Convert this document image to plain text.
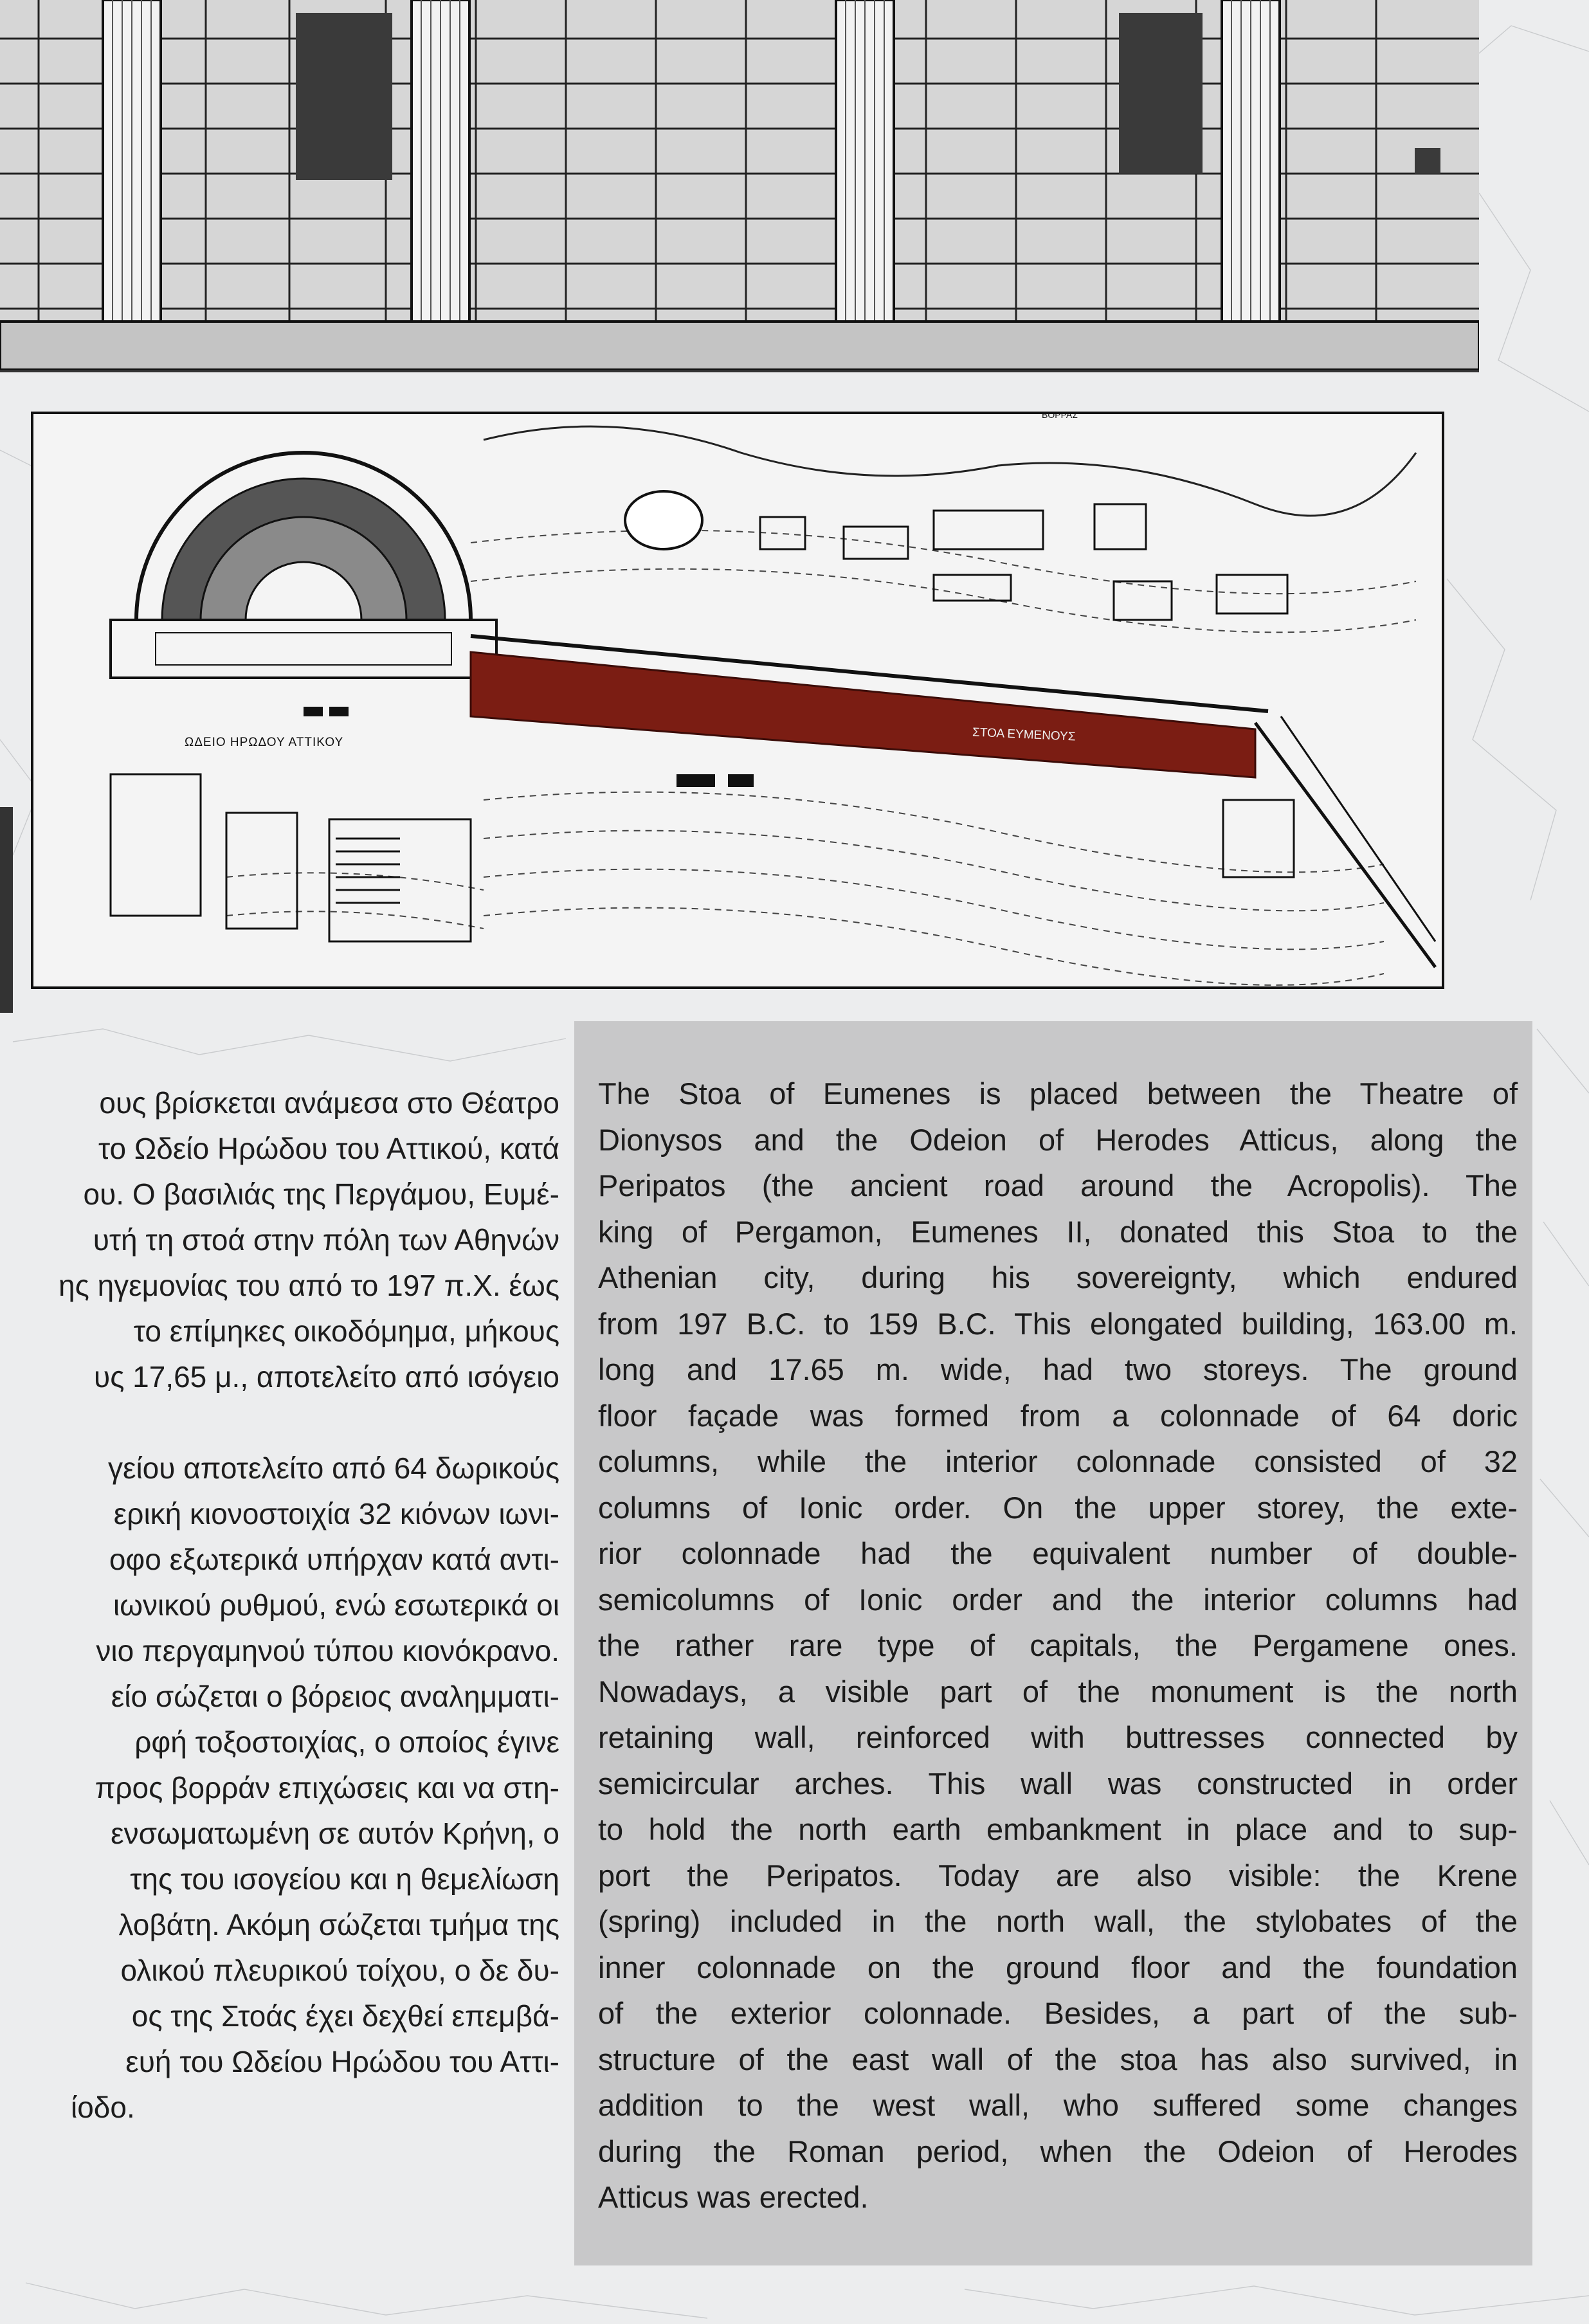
ΩΔΕΙΟ ΗΡΩΔΟΥ ΑΤΤΙΚΟΥ	ΣΤΟΑ ΕΥΜΕΝΟΥΣ
ΒΟΡΡΑΣ
ους βρίσκεται ανάμεσα στο Θέατρο
το Ωδείο Ηρώδου του Αττικού, κατά
ου. Ο βασιλιάς της Περγάμου, Ευμέ-
υτή τη στοά στην πόλη των Αθηνών
ης ηγεμονίας του από το 197 π.Χ. έως
το επίμηκες οικοδόμημα, μήκους
υς 17,65 μ., αποτελείτο από ισόγειο
γείου αποτελείτο από 64 δωρικούς
ερική κιονοστοιχία 32 κιόνων ιωνι-
οφο εξωτερικά υπήρχαν κατά αντι-
ιωνικού ρυθμού, ενώ εσωτερικά οι
νιο περγαμηνού τύπου κιονόκρανο.
είο σώζεται ο βόρειος αναλημματι-
ρφή τοξοστοιχίας, ο οποίος έγινε
προς βορράν επιχώσεις και να στη-
ενσωματωμένη σε αυτόν Κρήνη, ο
της του ισογείου και η θεμελίωση
λοβάτη. Ακόμη σώζεται τμήμα της
ολικού πλευρικού τοίχου, ο δε δυ-
ος της Στοάς έχει δεχθεί επεμβά-
ευή του Ωδείου Ηρώδου του Αττι-
ίοδο.
The Stoa of Eumenes is placed between the Theatre of
Dionysos and the Odeion of Herodes Atticus, along the
Peripatos (the ancient road around the Acropolis). The
king of Pergamon, Eumenes II, donated this Stoa to the
Athenian city, during his sovereignty, which endured
from 197 B.C. to 159 B.C. This elongated building, 163.00 m.
long and 17.65 m. wide, had two storeys. The ground
floor façade was formed from a colonnade of 64 doric
columns, while the interior colonnade consisted of 32
columns of Ionic order. On the upper storey, the exte-
rior colonnade had the equivalent number of double-
semicolumns of Ionic order and the interior columns had
the rather rare type of capitals, the Pergamene ones.
Nowadays, a visible part of the monument is the north
retaining wall, reinforced with buttresses connected by
semicircular arches. This wall was constructed in order
to hold the north earth embankment in place and to sup-
port the Peripatos. Today are also visible: the Krene
(spring) included in the north wall, the stylobates of the
inner colonnade on the ground floor and the foundation
of the exterior colonnade. Besides, a part of the sub-
structure of the east wall of the stoa has also survived, in
addition to the west wall, who suffered some changes
during the Roman period, when the Odeion of Herodes
Atticus was erected.
